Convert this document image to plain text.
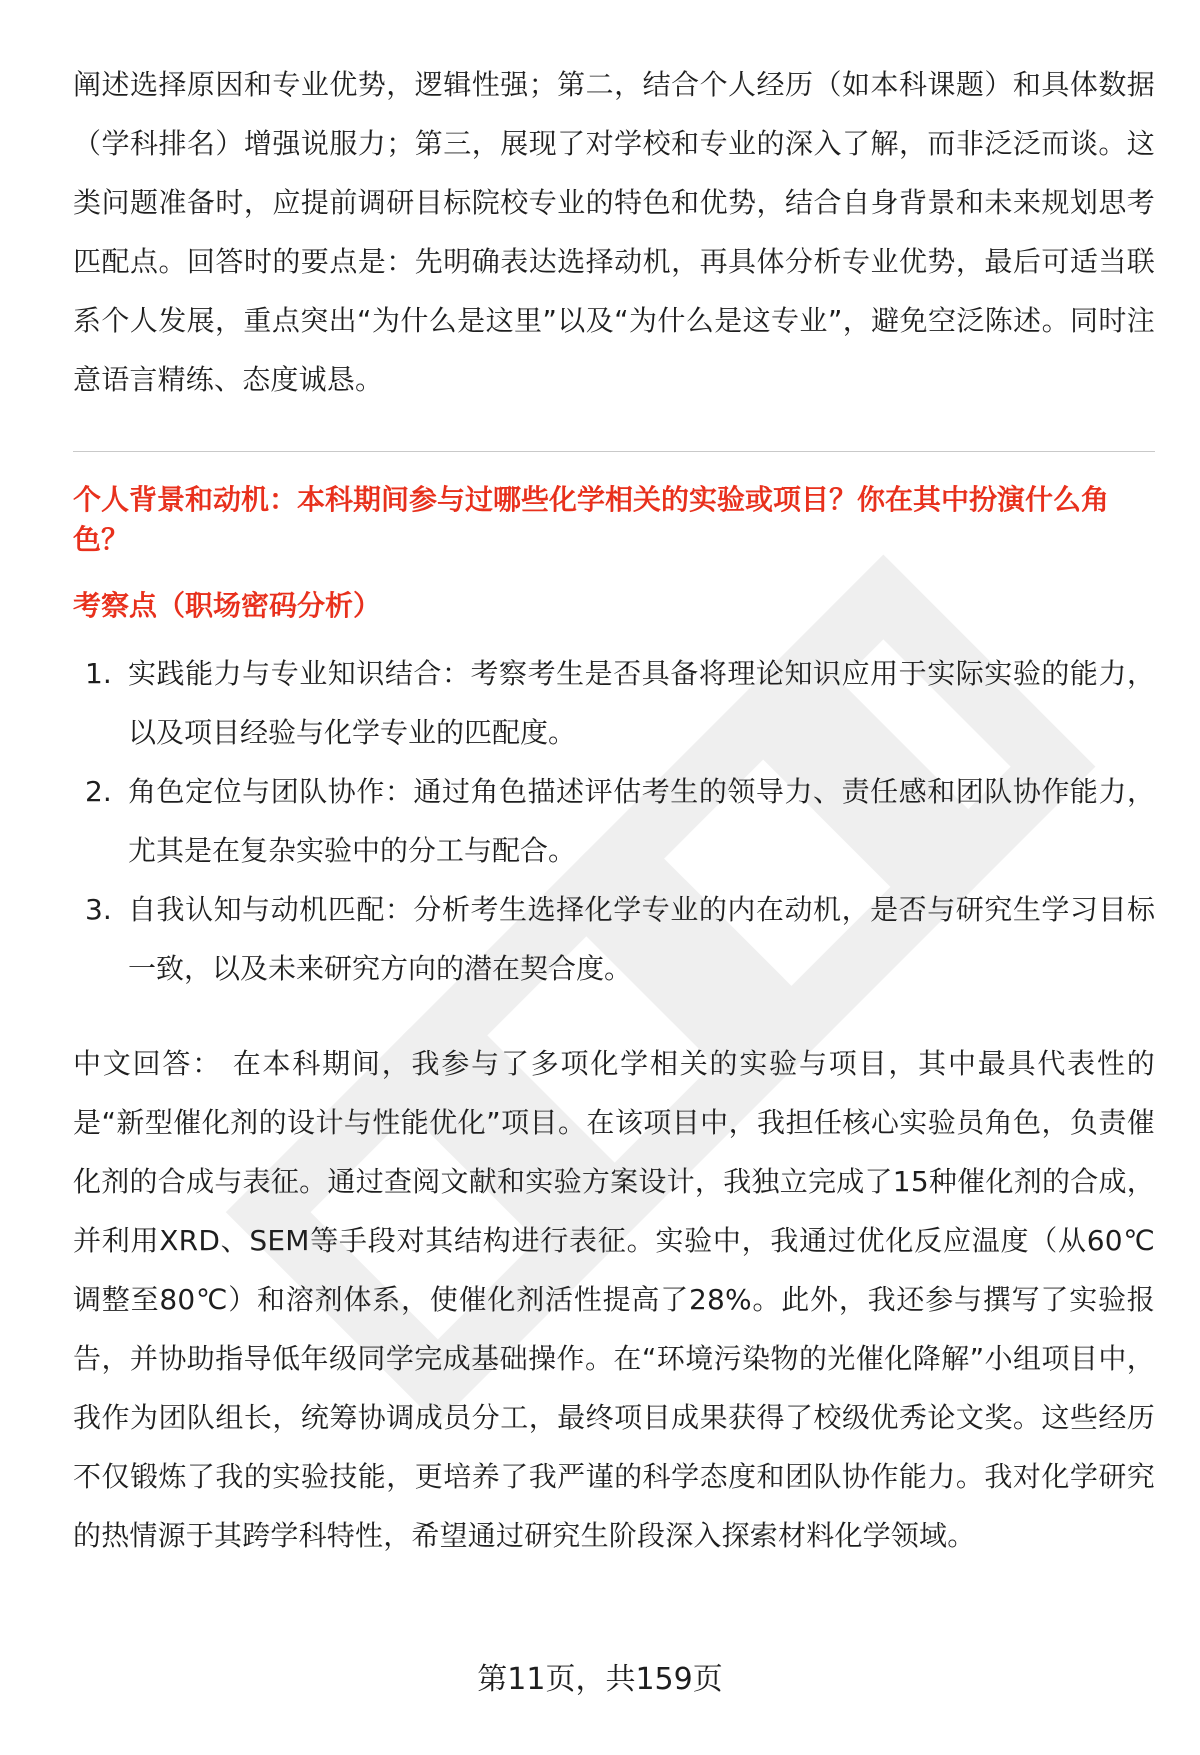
阐述选择原因和专业优势，逻辑性强；第二，结合个人经历（如本科课题）和具体数据（学科排名）增强说服力；第三，展现了对学校和专业的深入了解，而非泛泛而谈。这类问题准备时，应提前调研目标院校专业的特色和优势，结合自身背景和未来规划思考匹配点。回答时的要点是：先明确表达选择动机，再具体分析专业优势，最后可适当联系个人发展，重点突出“为什么是这里”以及“为什么是这专业”，避免空泛陈述。同时注意语言精练、态度诚恳。

个人背景和动机：本科期间参与过哪些化学相关的实验或项目？你在其中扮演什么角色？

考察点（职场密码分析）

1. 实践能力与专业知识结合：考察考生是否具备将理论知识应用于实际实验的能力，以及项目经验与化学专业的匹配度。
2. 角色定位与团队协作：通过角色描述评估考生的领导力、责任感和团队协作能力，尤其是在复杂实验中的分工与配合。
3. 自我认知与动机匹配：分析考生选择化学专业的内在动机，是否与研究生学习目标一致，以及未来研究方向的潜在契合度。

中文回答： 在本科期间，我参与了多项化学相关的实验与项目，其中最具代表性的是“新型催化剂的设计与性能优化”项目。在该项目中，我担任核心实验员角色，负责催化剂的合成与表征。通过查阅文献和实验方案设计，我独立完成了15种催化剂的合成，并利用XRD、SEM等手段对其结构进行表征。实验中，我通过优化反应温度（从60℃调整至80℃）和溶剂体系，使催化剂活性提高了28%。此外，我还参与撰写了实验报告，并协助指导低年级同学完成基础操作。在“环境污染物的光催化降解”小组项目中，我作为团队组长，统筹协调成员分工，最终项目成果获得了校级优秀论文奖。这些经历不仅锻炼了我的实验技能，更培养了我严谨的科学态度和团队协作能力。我对化学研究的热情源于其跨学科特性，希望通过研究生阶段深入探索材料化学领域。

第11页，共159页
